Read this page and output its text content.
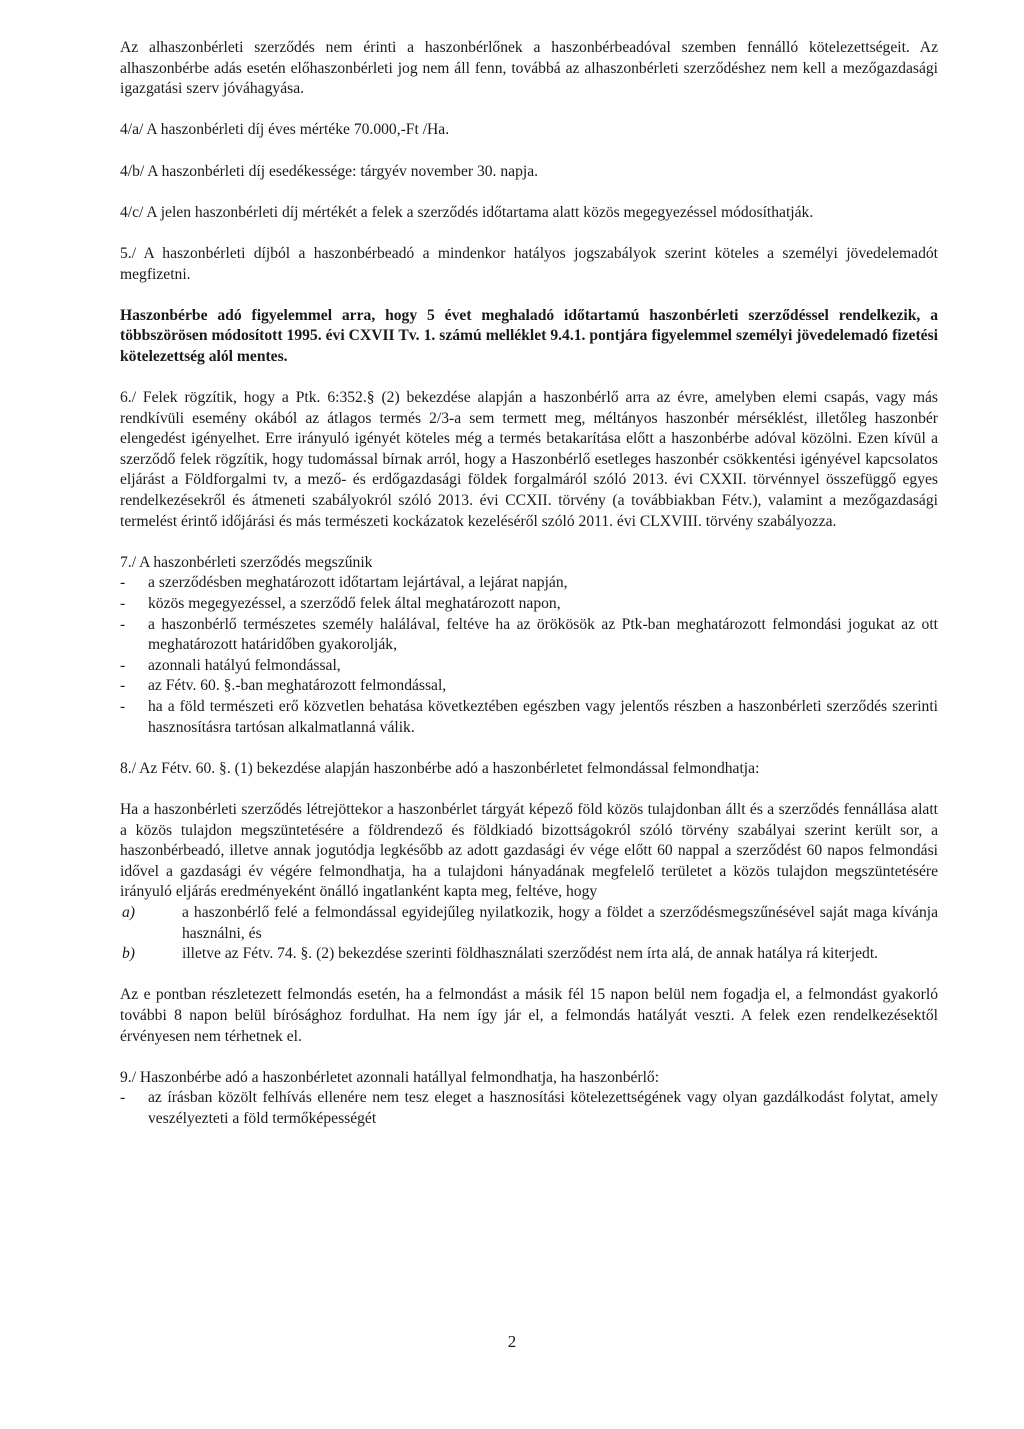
Az alhaszonbérleti szerződés nem érinti a haszonbérlőnek a haszonbérbeadóval szemben fennálló kötelezettségeit. Az alhaszonbérbe adás esetén előhaszonbérleti jog nem áll fenn, továbbá az alhaszonbérleti szerződéshez nem kell a mezőgazdasági igazgatási szerv jóváhagyása.

4/a/ A haszonbérleti díj éves mértéke 70.000,-Ft /Ha.

4/b/ A haszonbérleti díj esedékessége: tárgyév november 30. napja.

4/c/ A jelen haszonbérleti díj mértékét a felek a szerződés időtartama alatt közös megegyezéssel módosíthatják.

5./ A haszonbérleti díjból a haszonbérbeadó a mindenkor hatályos jogszabályok szerint köteles a személyi jövedelemadót megfizetni.

Haszonbérbe adó figyelemmel arra, hogy 5 évet meghaladó időtartamú haszonbérleti szerződéssel rendelkezik, a többszörösen módosított 1995. évi CXVII Tv. 1. számú melléklet 9.4.1. pontjára figyelemmel személyi jövedelemadó fizetési kötelezettség alól mentes.

6./ Felek rögzítik, hogy a Ptk. 6:352.§ (2) bekezdése alapján a haszonbérlő arra az évre, amelyben elemi csapás, vagy más rendkívüli esemény okából az átlagos termés 2/3-a sem termett meg, méltányos haszonbér mérséklést, illetőleg haszonbér elengedést igényelhet. Erre irányuló igényét köteles még a termés betakarítása előtt a haszonbérbe adóval közölni. Ezen kívül a szerződő felek rögzítik, hogy tudomással bírnak arról, hogy a Haszonbérlő esetleges haszonbér csökkentési igényével kapcsolatos eljárást a Földforgalmi tv, a mező- és erdőgazdasági földek forgalmáról szóló 2013. évi CXXII. törvénnyel összefüggő egyes rendelkezésekről és átmeneti szabályokról szóló 2013. évi CCXII. törvény (a továbbiakban Fétv.), valamint a mezőgazdasági termelést érintő időjárási és más természeti kockázatok kezeléséről szóló 2011. évi CLXVIII. törvény szabályozza.

7./ A haszonbérleti szerződés megszűnik

-	a szerződésben meghatározott időtartam lejártával, a lejárat napján,
-	közös megegyezéssel, a szerződő felek által meghatározott napon,
-	a haszonbérlő természetes személy halálával, feltéve ha az örökösök az Ptk-ban meghatározott felmondási jogukat az ott meghatározott határidőben gyakorolják,
-	azonnali hatályú felmondással,
-	az Fétv. 60. §.-ban meghatározott felmondással,
-	ha a föld természeti erő közvetlen behatása következtében egészben vagy jelentős részben a haszonbérleti szerződés szerinti hasznosításra tartósan alkalmatlanná válik.

8./ Az Fétv. 60. §. (1) bekezdése alapján haszonbérbe adó a haszonbérletet felmondással felmondhatja:

Ha a haszonbérleti szerződés létrejöttekor a haszonbérlet tárgyát képező föld közös tulajdonban állt és a szerződés fennállása alatt a közös tulajdon megszüntetésére a földrendező és földkiadó bizottságokról szóló törvény szabályai szerint került sor, a haszonbérbeadó, illetve annak jogutódja legkésőbb az adott gazdasági év vége előtt 60 nappal a szerződést 60 napos felmondási idővel a gazdasági év végére felmondhatja, ha a tulajdoni hányadának megfelelő területet a közös tulajdon megszüntetésére irányuló eljárás eredményeként önálló ingatlanként kapta meg, feltéve, hogy

a)	a haszonbérlő felé a felmondással egyidejűleg nyilatkozik, hogy a földet a szerződésmegszűnésével saját maga kívánja használni, és
b)	illetve az Fétv. 74. §. (2) bekezdése szerinti földhasználati szerződést nem írta alá, de annak hatálya rá kiterjedt.

Az e pontban részletezett felmondás esetén, ha a felmondást a másik fél 15 napon belül nem fogadja el, a felmondást gyakorló további 8 napon belül bírósághoz fordulhat. Ha nem így jár el, a felmondás hatályát veszti. A felek ezen rendelkezésektől érvényesen nem térhetnek el.

9./ Haszonbérbe adó a haszonbérletet azonnali hatállyal felmondhatja, ha haszonbérlő:

-	az írásban közölt felhívás ellenére nem tesz eleget a hasznosítási kötelezettségének vagy olyan gazdálkodást folytat, amely veszélyezteti a föld termőképességét
2
